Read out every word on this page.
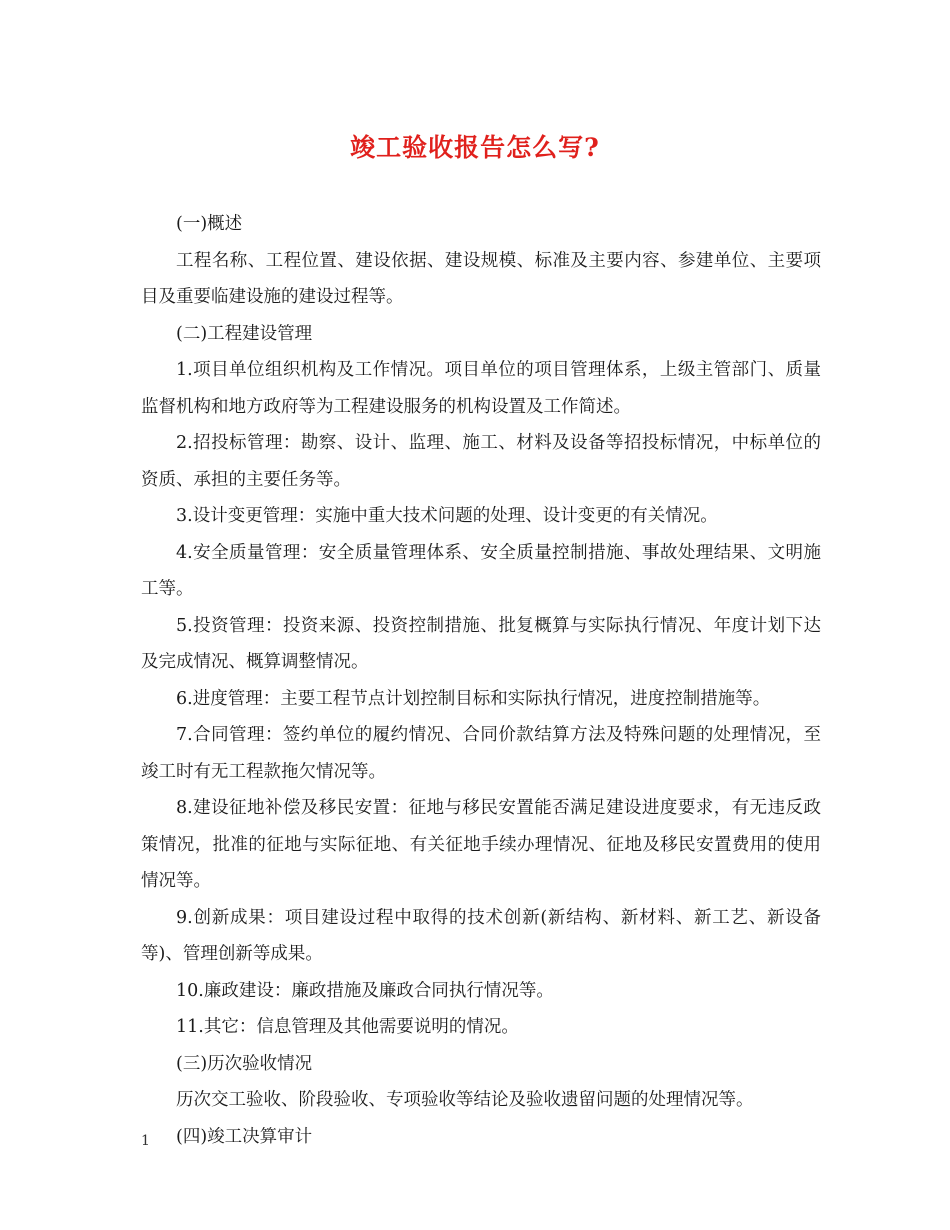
竣工验收报告怎么写?

(一)概述

工程名称、工程位置、建设依据、建设规模、标准及主要内容、参建单位、主要项目及重要临建设施的建设过程等。

(二)工程建设管理

1.项目单位组织机构及工作情况。项目单位的项目管理体系，上级主管部门、质量监督机构和地方政府等为工程建设服务的机构设置及工作简述。

2.招投标管理：勘察、设计、监理、施工、材料及设备等招投标情况，中标单位的资质、承担的主要任务等。

3.设计变更管理：实施中重大技术问题的处理、设计变更的有关情况。

4.安全质量管理：安全质量管理体系、安全质量控制措施、事故处理结果、文明施工等。

5.投资管理：投资来源、投资控制措施、批复概算与实际执行情况、年度计划下达及完成情况、概算调整情况。

6.进度管理：主要工程节点计划控制目标和实际执行情况，进度控制措施等。

7.合同管理：签约单位的履约情况、合同价款结算方法及特殊问题的处理情况，至竣工时有无工程款拖欠情况等。

8.建设征地补偿及移民安置：征地与移民安置能否满足建设进度要求，有无违反政策情况，批准的征地与实际征地、有关征地手续办理情况、征地及移民安置费用的使用情况等。

9.创新成果：项目建设过程中取得的技术创新(新结构、新材料、新工艺、新设备等)、管理创新等成果。

10.廉政建设：廉政措施及廉政合同执行情况等。

11.其它：信息管理及其他需要说明的情况。

(三)历次验收情况

历次交工验收、阶段验收、专项验收等结论及验收遗留问题的处理情况等。

(四)竣工决算审计

1
